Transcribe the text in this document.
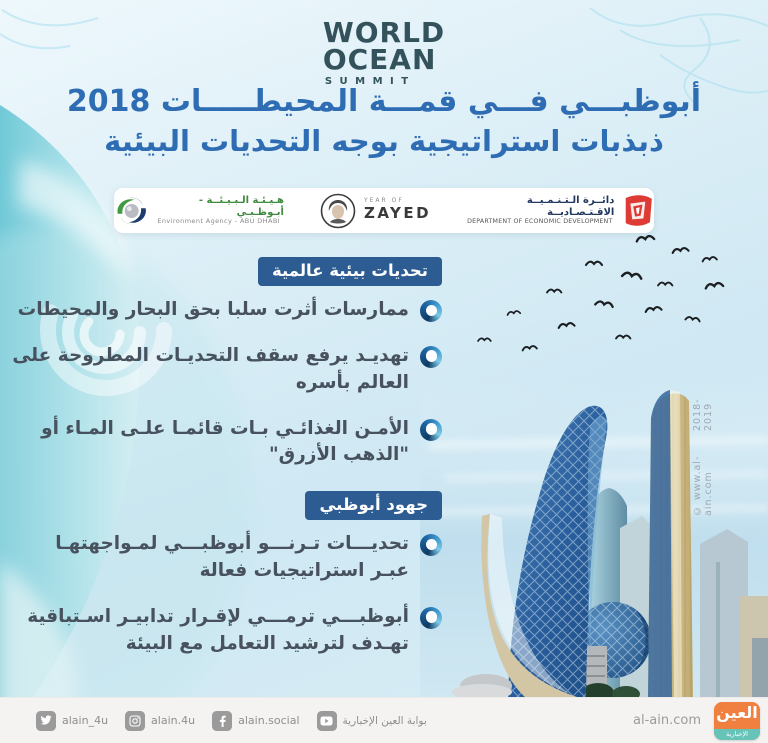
WORLD
OCEAN
SUMMIT
أبوظبـــي فـــي قمـــة المحيطـــــات 2018
ذبذبات استراتيجية بوجه التحديات البيئية
هـيـئـة الـبـيـئــة - أبـوظـبـي
Environment Agency - ABU DHABI
YEAR OF
ZAYED
دائــرة الـتـنـمـيــة الاقـتـصـاديــة
DEPARTMENT OF ECONOMIC DEVELOPMENT
تحديات بيئية عالمية
ممارسات أثرت سلبا بحق البحار والمحيطات
تهديـد يرفع سقف التحديـات المطروحة على العالم بأسره
الأمـن الغذائـي بـات قائمـا علـى المـاء أو "الذهب الأزرق"
جهود أبوظبي
تحديـــات تـرنـــو أبوظبـــي لمـواجهتهـا عبـر استراتيجيات فعالة
أبوظبـــي ترمـــي لإقـرار تدابيـر اسـتباقية تهـدف لترشيد التعامل مع البيئة
© www.al-ain.com
2018-2019
alain_4u	alain.4u	alain.social	بوابة العين الإخبارية	al-ain.com العين
الإخبارية
